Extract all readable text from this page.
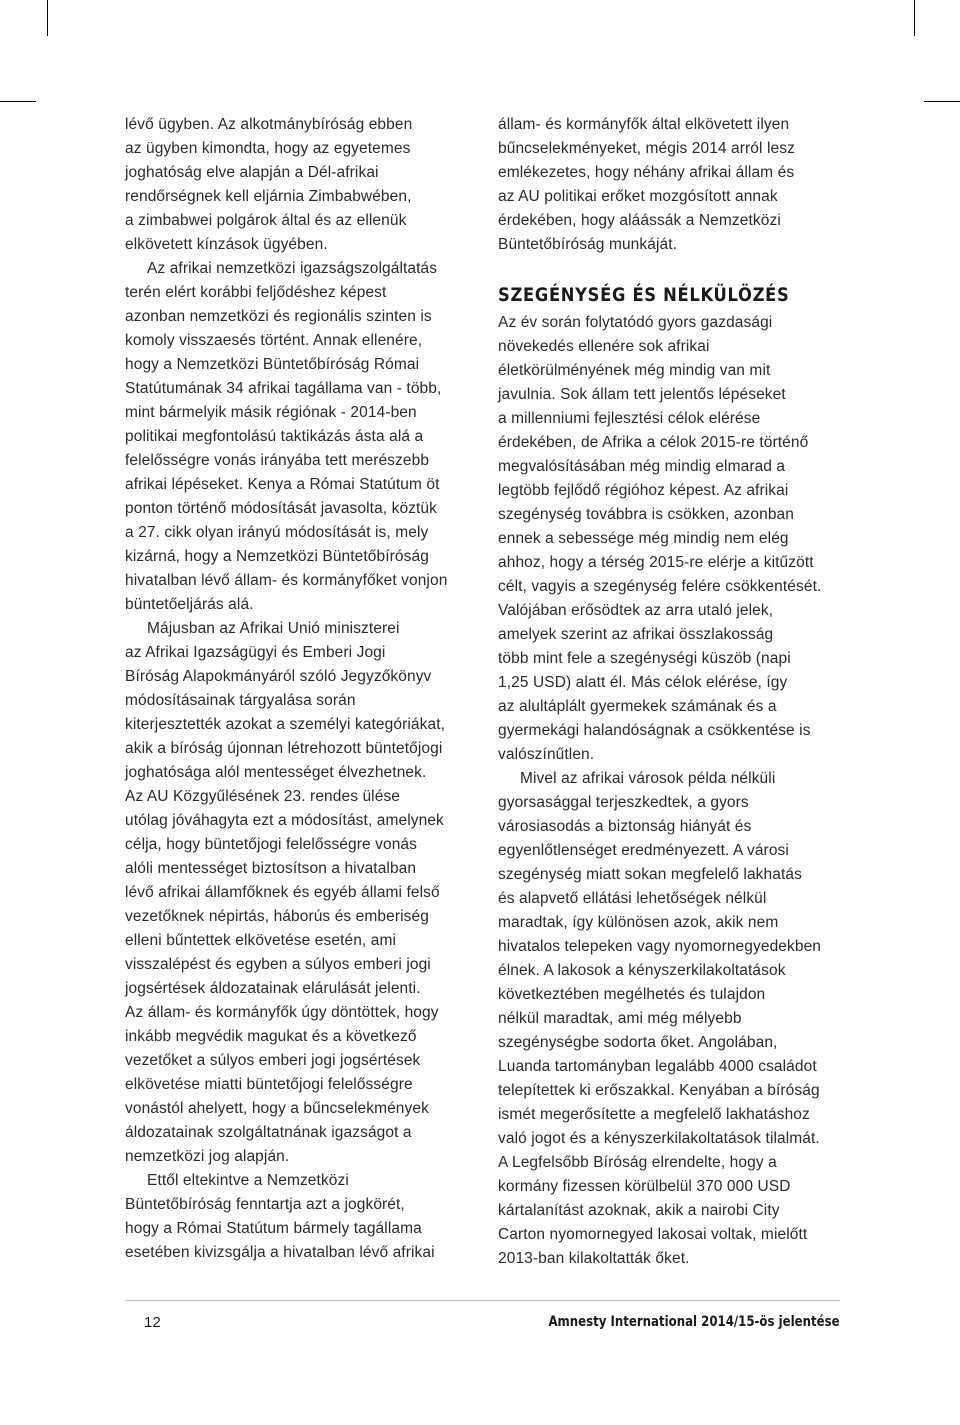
lévő ügyben. Az alkotmánybíróság ebben
az ügyben kimondta, hogy az egyetemes
joghatóság elve alapján a Dél-afrikai
rendőrségnek kell eljárnia Zimbabwében,
a zimbabwei polgárok által és az ellenük
elkövetett kínzások ügyében.
Az afrikai nemzetközi igazságszolgáltatás
terén elért korábbi feljődéshez képest
azonban nemzetközi és regionális szinten is
komoly visszaesés történt. Annak ellenére,
hogy a Nemzetközi Büntetőbíróság Római
Statútumának 34 afrikai tagállama van - több,
mint bármelyik másik régiónak - 2014-ben
politikai megfontolású taktikázás ásta alá a
felelősségre vonás irányába tett merészebb
afrikai lépéseket. Kenya a Római Statútum öt
ponton történő módosítását javasolta, köztük
a 27. cikk olyan irányú módosítását is, mely
kizárná, hogy a Nemzetközi Büntetőbíróság
hivatalban lévő állam- és kormányfőket vonjon
büntetőeljárás alá.
Májusban az Afrikai Unió miniszterei
az Afrikai Igazságügyi és Emberi Jogi
Bíróság Alapokmányáról szóló Jegyzőkönyv
módosításainak tárgyalása során
kiterjesztették azokat a személyi kategóriákat,
akik a bíróság újonnan létrehozott büntetőjogi
joghatósága alól mentességet élvezhetnek.
Az AU Közgyűlésének 23. rendes ülése
utólag jóváhagyta ezt a módosítást, amelynek
célja, hogy büntetőjogi felelősségre vonás
alóli mentességet biztosítson a hivatalban
lévő afrikai államfőknek és egyéb állami felső
vezetőknek népirtás, háborús és emberiség
elleni bűntettek elkövetése esetén, ami
visszalépést és egyben a súlyos emberi jogi
jogsértések áldozatainak elárulását jelenti.
Az állam- és kormányfők úgy döntöttek, hogy
inkább megvédik magukat és a következő
vezetőket a súlyos emberi jogi jogsértések
elkövetése miatti büntetőjogi felelősségre
vonástól ahelyett, hogy a bűncselekmények
áldozatainak szolgáltatnának igazságot a
nemzetközi jog alapján.
Ettől eltekintve a Nemzetközi
Büntetőbíróság fenntartja azt a jogkörét,
hogy a Római Statútum bármely tagállama
esetében kivizsgálja a hivatalban lévő afrikai
állam- és kormányfők által elkövetett ilyen
bűncselekményeket, mégis 2014 arról lesz
emlékezetes, hogy néhány afrikai állam és
az AU politikai erőket mozgósított annak
érdekében, hogy aláássák a Nemzetközi
Büntetőbíróság munkáját.
SZEGÉNYSÉG ÉS NÉLKÜLÖZÉS
Az év során folytatódó gyors gazdasági
növekedés ellenére sok afrikai
életkörülményének még mindig van mit
javulnia. Sok állam tett jelentős lépéseket
a millenniumi fejlesztési célok elérése
érdekében, de Afrika a célok 2015-re történő
megvalósításában még mindig elmarad a
legtöbb fejlődő régióhoz képest. Az afrikai
szegénység továbbra is csökken, azonban
ennek a sebessége még mindig nem elég
ahhoz, hogy a térség 2015-re elérje a kitűzött
célt, vagyis a szegénység felére csökkentését.
Valójában erősödtek az arra utaló jelek,
amelyek szerint az afrikai összlakosság
több mint fele a szegénységi küszöb (napi
1,25 USD) alatt él. Más célok elérése, így
az alultáplált gyermekek számának és a
gyermekági halandóságnak a csökkentése is
valószínűtlen.
Mivel az afrikai városok példa nélküli
gyorsasággal terjeszkedtek, a gyors
városiasodás a biztonság hiányát és
egyenlőtlenséget eredményezett. A városi
szegénység miatt sokan megfelelő lakhatás
és alapvető ellátási lehetőségek nélkül
maradtak, így különösen azok, akik nem
hivatalos telepeken vagy nyomornegyedekben
élnek. A lakosok a kényszerkilakoltatások
következtében megélhetés és tulajdon
nélkül maradtak, ami még mélyebb
szegénységbe sodorta őket. Angolában,
Luanda tartományban legalább 4000 családot
telepítettek ki erőszakkal. Kenyában a bíróság
ismét megerősítette a megfelelő lakhatáshoz
való jogot és a kényszerkilakoltatások tilalmát.
A Legfelsőbb Bíróság elrendelte, hogy a
kormány fizessen körülbelül 370 000 USD
kártalanítást azoknak, akik a nairobi City
Carton nyomornegyed lakosai voltak, mielőtt
2013-ban kilakoltatták őket.
12	Amnesty International 2014/15-ös jelentése
